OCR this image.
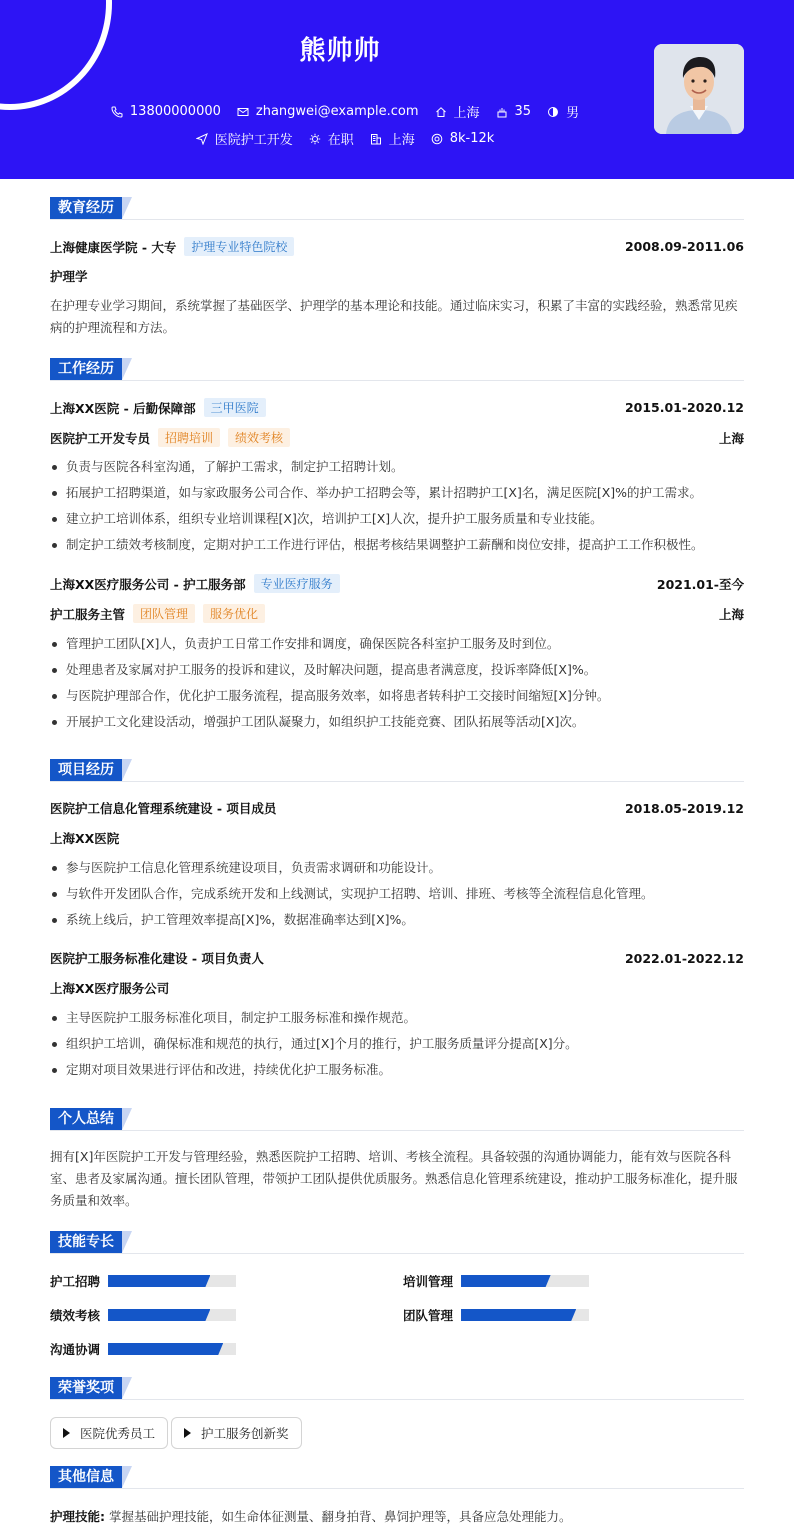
熊帅帅
13800000000	zhangwei@example.com	上海	35	男
医院护工开发	在职	上海	8k-12k
教育经历
上海健康医学院 - 大专	护理专业特色院校	2008.09-2011.06
护理学
在护理专业学习期间，系统掌握了基础医学、护理学的基本理论和技能。通过临床实习，积累了丰富的实践经验，熟悉常见疾病的护理流程和方法。
工作经历
上海XX医院 - 后勤保障部	三甲医院	2015.01-2020.12
医院护工开发专员	招聘培训	绩效考核	上海
负责与医院各科室沟通，了解护工需求，制定护工招聘计划。
拓展护工招聘渠道，如与家政服务公司合作、举办护工招聘会等，累计招聘护工[X]名，满足医院[X]%的护工需求。
建立护工培训体系，组织专业培训课程[X]次，培训护工[X]人次，提升护工服务质量和专业技能。
制定护工绩效考核制度，定期对护工工作进行评估，根据考核结果调整护工薪酬和岗位安排，提高护工工作积极性。
上海XX医疗服务公司 - 护工服务部	专业医疗服务	2021.01-至今
护工服务主管	团队管理	服务优化	上海
管理护工团队[X]人，负责护工日常工作安排和调度，确保医院各科室护工服务及时到位。
处理患者及家属对护工服务的投诉和建议，及时解决问题，提高患者满意度，投诉率降低[X]%。
与医院护理部合作，优化护工服务流程，提高服务效率，如将患者转科护工交接时间缩短[X]分钟。
开展护工文化建设活动，增强护工团队凝聚力，如组织护工技能竞赛、团队拓展等活动[X]次。
项目经历
医院护工信息化管理系统建设 - 项目成员	2018.05-2019.12
上海XX医院
参与医院护工信息化管理系统建设项目，负责需求调研和功能设计。
与软件开发团队合作，完成系统开发和上线测试，实现护工招聘、培训、排班、考核等全流程信息化管理。
系统上线后，护工管理效率提高[X]%，数据准确率达到[X]%。
医院护工服务标准化建设 - 项目负责人	2022.01-2022.12
上海XX医疗服务公司
主导医院护工服务标准化项目，制定护工服务标准和操作规范。
组织护工培训，确保标准和规范的执行，通过[X]个月的推行，护工服务质量评分提高[X]分。
定期对项目效果进行评估和改进，持续优化护工服务标准。
个人总结
拥有[X]年医院护工开发与管理经验，熟悉医院护工招聘、培训、考核全流程。具备较强的沟通协调能力，能有效与医院各科室、患者及家属沟通。擅长团队管理，带领护工团队提供优质服务。熟悉信息化管理系统建设，推动护工服务标准化，提升服务质量和效率。
技能专长
护工招聘	培训管理
绩效考核	团队管理
沟通协调
荣誉奖项
医院优秀员工	护工服务创新奖
其他信息
护理技能: 掌握基础护理技能，如生命体征测量、翻身拍背、鼻饲护理等，具备应急处理能力。
